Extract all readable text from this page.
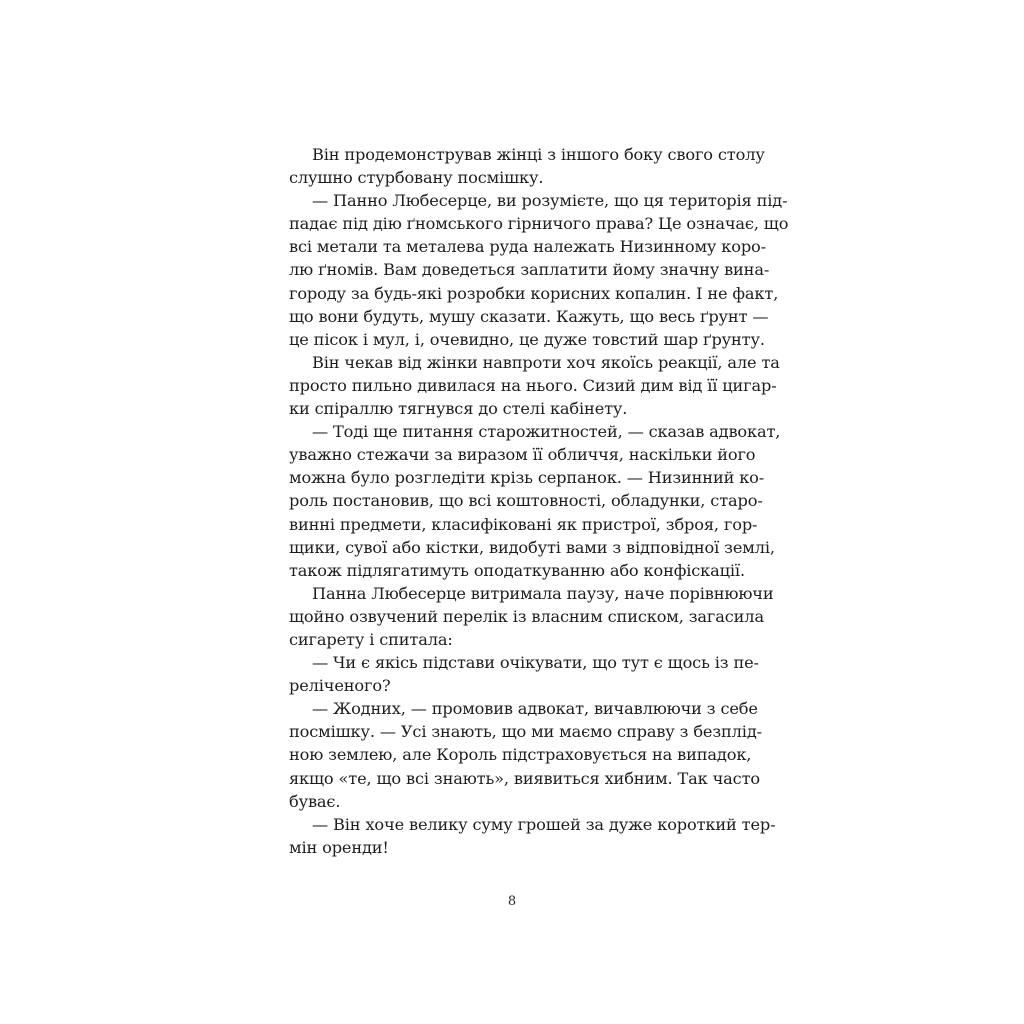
Він продемонстрував жінці з іншого боку свого столу
слушно стурбовану посмішку.
— Панно Любесерце, ви розумієте, що ця територія під-
падає під дію ґномського гірничого права? Це означає, що
всі метали та металева руда належать Низинному коро-
лю ґномів. Вам доведеться заплатити йому значну вина-
городу за будь-які розробки корисних копалин. І не факт,
що вони будуть, мушу сказати. Кажуть, що весь ґрунт —
це пісок і мул, і, очевидно, це дуже товстий шар ґрунту.
Він чекав від жінки навпроти хоч якоїсь реакції, але та
просто пильно дивилася на нього. Сизий дим від її цигар-
ки спіраллю тягнувся до стелі кабінету.
— Тоді ще питання старожитностей, — сказав адвокат,
уважно стежачи за виразом її обличчя, наскільки його
можна було розгледіти крізь серпанок. — Низинний ко-
роль постановив, що всі коштовності, обладунки, старо-
винні предмети, класифіковані як пристрої, зброя, гор-
щики, сувої або кістки, видобуті вами з відповідної землі,
також підлягатимуть оподаткуванню або конфіскації.
Панна Любесерце витримала паузу, наче порівнюючи
щойно озвучений перелік із власним списком, загасила
сигарету і спитала:
— Чи є якісь підстави очікувати, що тут є щось із пе-
реліченого?
— Жодних, — промовив адвокат, вичавлюючи з себе
посмішку. — Усі знають, що ми маємо справу з безплід-
ною землею, але Король підстраховується на випадок,
якщо «те, що всі знають», виявиться хибним. Так часто
буває.
— Він хоче велику суму грошей за дуже короткий тер-
мін оренди!
8
